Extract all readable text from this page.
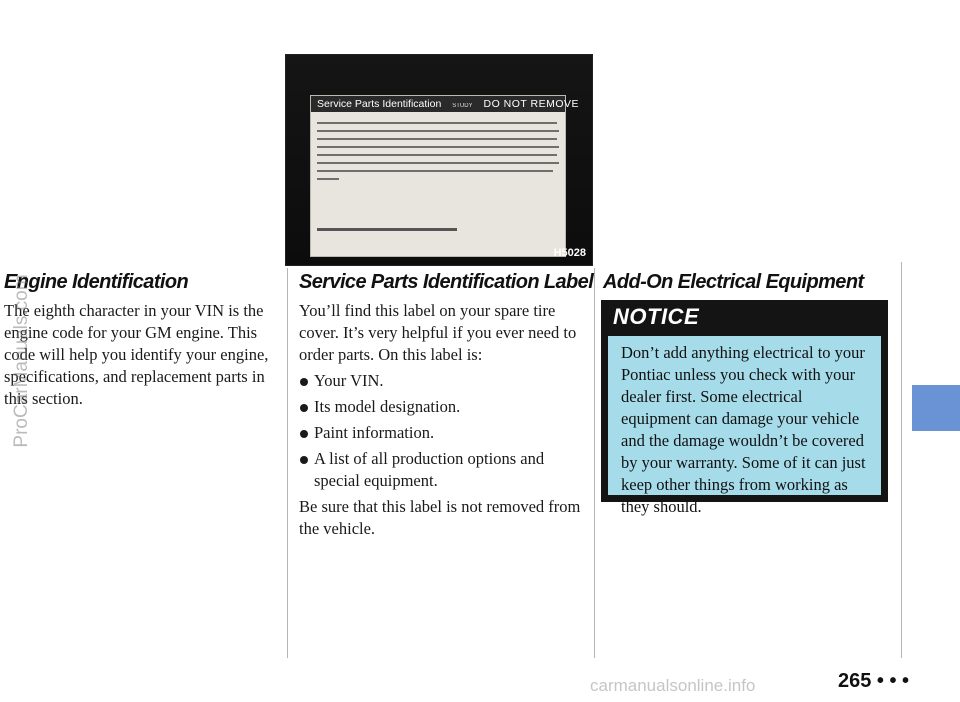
Service Parts Identification STUDY DO NOT REMOVE
H5028
Engine Identification

The eighth character in your VIN is the engine code for your GM engine. This code will help you identify your engine, specifications, and replacement parts in this section.

Service Parts Identification Label

You’ll find this label on your spare tire cover. It’s very helpful if you ever need to order parts. On this label is:

Your VIN.
Its model designation.
Paint information.
A list of all production options and special equipment.

Be sure that this label is not removed from the vehicle.

Add-On Electrical Equipment
NOTICE

Don’t add anything electrical to your Pontiac unless you check with your dealer first. Some electrical equipment can damage your vehicle and the damage wouldn’t be covered by your warranty. Some of it can just keep other things from working as they should.

265 • • •
ProCarManuals.com
carmanualsonline.info
